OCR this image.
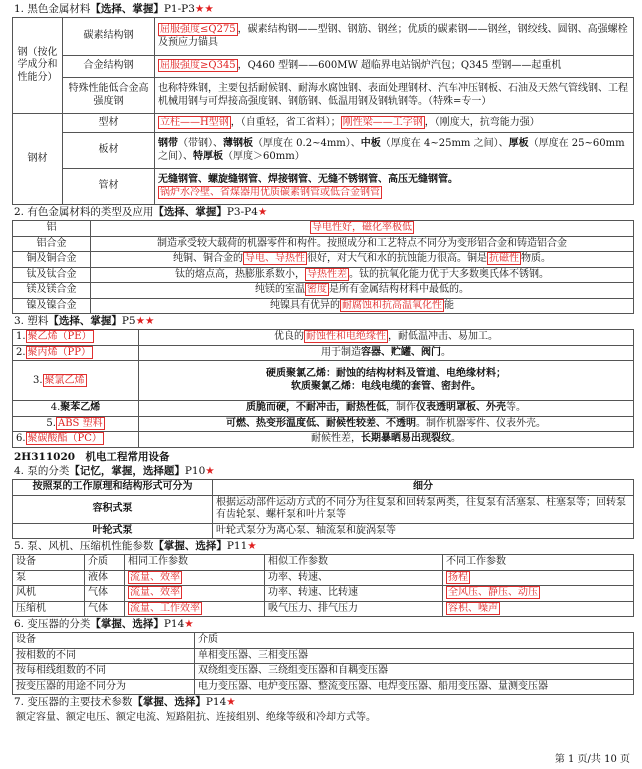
1. 黑色金属材料【选择、掌握】P1-P3★★
钢（按化学成分和性能分）	碳素结构钢	屈服强度≤Q275 ，碳素结构钢——型钢、钢筋、钢丝；优质的碳素钢——钢丝，钢绞线、圆钢、高强螺栓及预应力锚具
	合金结构钢	屈服强度≥Q345 ，Q460 型钢——600MW 超临界电站锅炉汽包；Q345 型钢——起重机
	特殊性能低合金高强度钢	也称特殊钢，主要包括耐候钢、耐海水腐蚀钢、表面处理钢材、汽车冲压钢板、石油及天然气管线钢、工程机械用钢与可焊接高强度钢、钢筋钢、低温用钢及钢轨钢等。（特殊=专一）
钢材	型材	立柱——H型钢 ，（自重轻，省工省料）； 刚性梁——工字钢 ，（刚度大，抗弯能力强）
	板材	钢带（带钢）、薄钢板（厚度在 0.2~4mm）、中板（厚度在 4~25mm 之间）、厚板（厚度在 25~60mm 之间）、特厚板（厚度＞60mm）
	管材	无缝钢管、螺旋缝钢管、焊接钢管、无缝不锈钢管、高压无缝钢管。
锅炉水冷壁、省煤器用优质碳素钢管或低合金钢管
2. 有色金属材料的类型及应用【选择、掌握】P3-P4★
铝	导电性好，磁化率极低
铝合金	制造承受较大载荷的机器零件和构件。按照成分和工艺特点不同分为变形铝合金和铸造铝合金
铜及铜合金	纯铜、铜合金的 导电、导热性 很好，对大气和水的抗蚀能力很高。铜是 抗磁性 物质。
钛及钛合金	钛的熔点高，热膨胀系数小， 导热性差 。钛的抗氧化能力优于大多数奥氏体不锈钢。
镁及镁合金	纯镁的室温 密度 是所有金属结构材料中最低的。
镍及镍合金	纯镍具有优异的 耐腐蚀和抗高温氧化性 能
3. 塑料【选择、掌握】P5★★
1. 聚乙烯（PE）	优良的 耐蚀性和电绝缘性 ，耐低温冲击、易加工。
2. 聚丙烯（PP）	用于制造容器、贮罐、阀门。
3. 聚氯乙烯	硬质聚氯乙烯：耐蚀的结构材料及管道、电绝缘材料；
软质聚氯乙烯：电线电缆的套管、密封件。
4.聚苯乙烯	质脆而硬，不耐冲击，耐热性低，制作仪表透明罩板、外壳等。
5. ABS 塑料	可燃、热变形温度低、耐候性较差、不透明。制作机器零件、仪表外壳。
6. 聚碳酸酯（PC）	耐候性差，长期暴晒易出现裂纹。
2H311020　机电工程常用设备
4. 泵的分类【记忆，掌握，选择题】P10★
按照泵的工作原理和结构形式可分为	细分
容积式泵	根据运动部件运动方式的不同分为往复泵和回转泵两类，往复泵有活塞泵、柱塞泵等；回转泵有齿轮泵、螺杆泵和叶片泵等
叶轮式泵	叶轮式泵分为离心泵、轴流泵和旋涡泵等
5. 泵、风机、压缩机性能参数【掌握、选择】P11★
设备	介质	相同工作参数	相似工作参数	不同工作参数
泵	液体	流量、效率	功率、转速、	扬程
风机	气体	流量、效率	功率、转速、比转速	全风压、静压、动压
压缩机	气体	流量、工作效率	吸气压力、排气压力	容积、噪声
6. 变压器的分类【掌握、选择】P14★
设备	介质
按相数的不同	单相变压器、三相变压器
按每相线组数的不同	双绕组变压器、三绕组变压器和自耦变压器
按变压器的用途不同分为	电力变压器、电炉变压器、整流变压器、电焊变压器、船用变压器、量测变压器
7. 变压器的主要技术参数【掌握、选择】P14★
额定容量、额定电压、额定电流、短路阻抗、连接组别、绝缘等级和冷却方式等。
第 1 页/共 10 页
